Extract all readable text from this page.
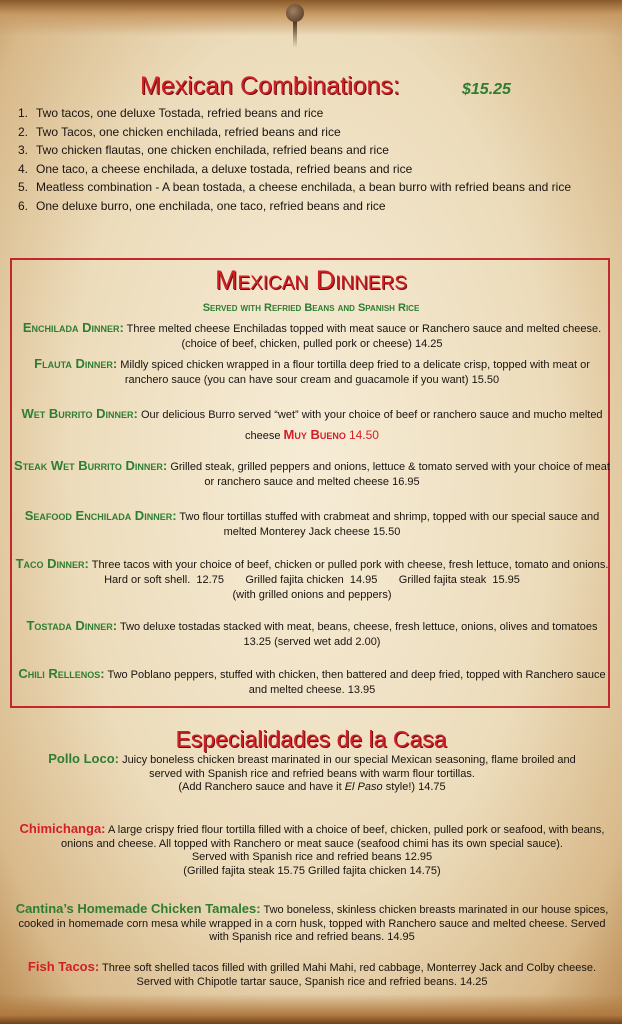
Mexican Combinations:	$15.25
1. Two tacos, one deluxe Tostada, refried beans and rice
2. Two Tacos, one chicken enchilada, refried beans and rice
3. Two chicken flautas, one chicken enchilada, refried beans and rice
4. One taco, a cheese enchilada, a deluxe tostada, refried beans and rice
5. Meatless combination - A bean tostada, a cheese enchilada, a bean burro with refried beans and rice
6. One deluxe burro, one enchilada, one taco, refried beans and rice
Mexican Dinners
Served with Refried Beans and Spanish Rice
Enchilada Dinner: Three melted cheese Enchiladas topped with meat sauce or Ranchero sauce and melted cheese. (choice of beef, chicken, pulled pork or cheese) 14.25
Flauta Dinner: Mildly spiced chicken wrapped in a flour tortilla deep fried to a delicate crisp, topped with meat or ranchero sauce (you can have sour cream and guacamole if you want) 15.50
Wet Burrito Dinner: Our delicious Burro served “wet” with your choice of beef or ranchero sauce and mucho melted cheese Muy Bueno 14.50
Steak Wet Burrito Dinner: Grilled steak, grilled peppers and onions, lettuce & tomato served with your choice of meat or ranchero sauce and melted cheese 16.95
Seafood Enchilada Dinner: Two flour tortillas stuffed with crabmeat and shrimp, topped with our special sauce and melted Monterey Jack cheese 15.50
Taco Dinner: Three tacos with your choice of beef, chicken or pulled pork with cheese, fresh lettuce, tomato and onions. Hard or soft shell.  12.75       Grilled fajita chicken  14.95       Grilled fajita steak  15.95
(with grilled onions and peppers)
Tostada Dinner: Two deluxe tostadas stacked with meat, beans, cheese, fresh lettuce, onions, olives and tomatoes 13.25 (served wet add 2.00)
Chili Rellenos: Two Poblano peppers, stuffed with chicken, then battered and deep fried, topped with Ranchero sauce and melted cheese. 13.95
Especialidades de la Casa
Pollo Loco: Juicy boneless chicken breast marinated in our special Mexican seasoning, flame broiled and
served with Spanish rice and refried beans with warm flour tortillas.
(Add Ranchero sauce and have it El Paso style!) 14.75
Chimichanga: A large crispy fried flour tortilla filled with a choice of beef, chicken, pulled pork or seafood, with beans, onions and cheese. All topped with Ranchero or meat sauce (seafood chimi has its own special sauce).
Served with Spanish rice and refried beans 12.95
(Grilled fajita steak 15.75 Grilled fajita chicken 14.75)
Cantina’s Homemade Chicken Tamales: Two boneless, skinless chicken breasts marinated in our house spices, cooked in homemade corn mesa while wrapped in a corn husk, topped with Ranchero sauce and melted cheese. Served with Spanish rice and refried beans. 14.95
Fish Tacos: Three soft shelled tacos filled with grilled Mahi Mahi, red cabbage, Monterrey Jack and Colby cheese. Served with Chipotle tartar sauce, Spanish rice and refried beans. 14.25
